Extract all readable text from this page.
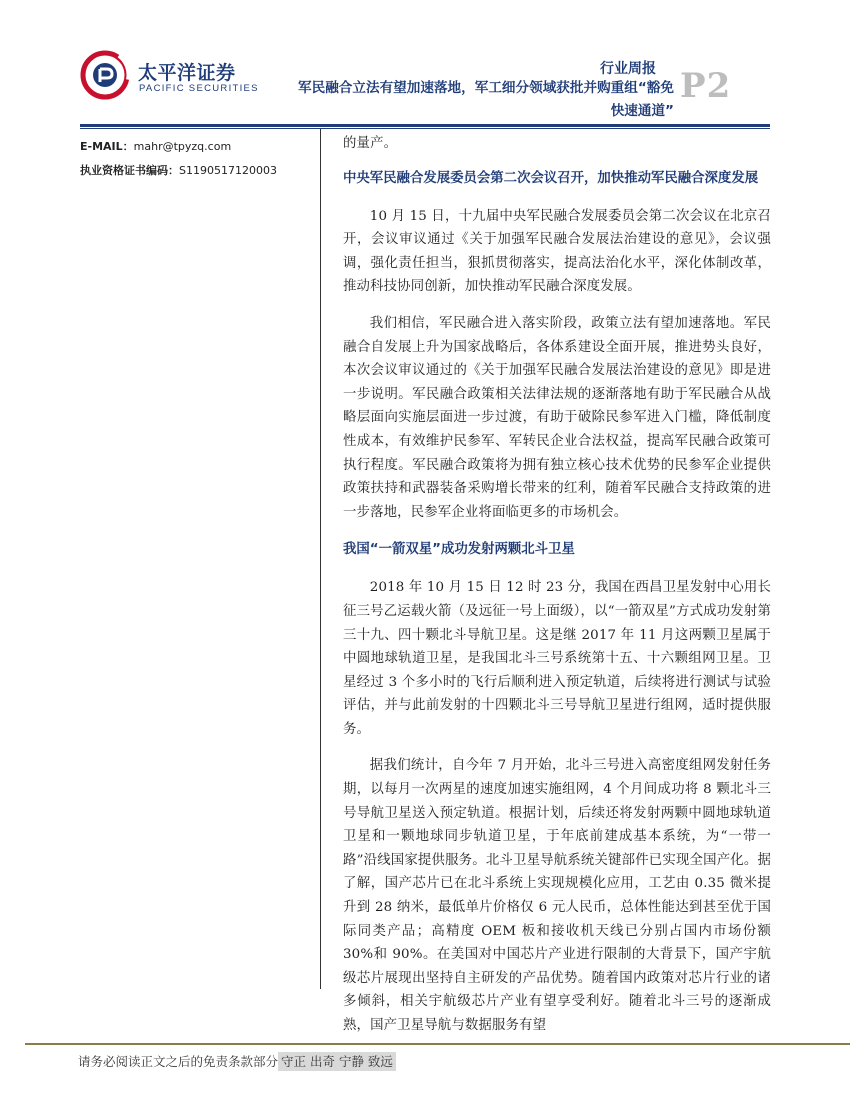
太平洋证券
PACIFIC SECURITIES
行业周报
军民融合立法有望加速落地，军工细分领域获批并购重组“豁免
快速通道”
P2
E-MAIL：mahr@tpyzq.com
执业资格证书编码：S1190517120003

的量产。

中央军民融合发展委员会第二次会议召开，加快推动军民融合深度发展

10 月 15 日，十九届中央军民融合发展委员会第二次会议在北京召开，会议审议通过《关于加强军民融合发展法治建设的意见》，会议强调，强化责任担当，狠抓贯彻落实，提高法治化水平，深化体制改革，推动科技协同创新，加快推动军民融合深度发展。

我们相信，军民融合进入落实阶段，政策立法有望加速落地。军民融合自发展上升为国家战略后，各体系建设全面开展，推进势头良好，本次会议审议通过的《关于加强军民融合发展法治建设的意见》即是进一步说明。军民融合政策相关法律法规的逐渐落地有助于军民融合从战略层面向实施层面进一步过渡，有助于破除民参军进入门槛，降低制度性成本，有效维护民参军、军转民企业合法权益，提高军民融合政策可执行程度。军民融合政策将为拥有独立核心技术优势的民参军企业提供政策扶持和武器装备采购增长带来的红利，随着军民融合支持政策的进一步落地，民参军企业将面临更多的市场机会。

我国“一箭双星”成功发射两颗北斗卫星

2018 年 10 月 15 日 12 时 23 分，我国在西昌卫星发射中心用长征三号乙运载火箭（及远征一号上面级），以“一箭双星”方式成功发射第三十九、四十颗北斗导航卫星。这是继 2017 年 11 月这两颗卫星属于中圆地球轨道卫星，是我国北斗三号系统第十五、十六颗组网卫星。卫星经过 3 个多小时的飞行后顺利进入预定轨道，后续将进行测试与试验评估，并与此前发射的十四颗北斗三号导航卫星进行组网，适时提供服务。

据我们统计，自今年 7 月开始，北斗三号进入高密度组网发射任务期，以每月一次两星的速度加速实施组网，4 个月间成功将 8 颗北斗三号导航卫星送入预定轨道。根据计划，后续还将发射两颗中圆地球轨道卫星和一颗地球同步轨道卫星，于年底前建成基本系统，为“一带一路”沿线国家提供服务。北斗卫星导航系统关键部件已实现全国产化。据了解，国产芯片已在北斗系统上实现规模化应用，工艺由 0.35 微米提升到 28 纳米，最低单片价格仅 6 元人民币，总体性能达到甚至优于国际同类产品；高精度 OEM 板和接收机天线已分别占国内市场份额 30%和 90%。在美国对中国芯片产业进行限制的大背景下，国产宇航级芯片展现出坚持自主研发的产品优势。随着国内政策对芯片行业的诸多倾斜，相关宇航级芯片产业有望享受利好。随着北斗三号的逐渐成熟，国产卫星导航与数据服务有望

请务必阅读正文之后的免责条款部分 守正 出奇 宁静 致远
